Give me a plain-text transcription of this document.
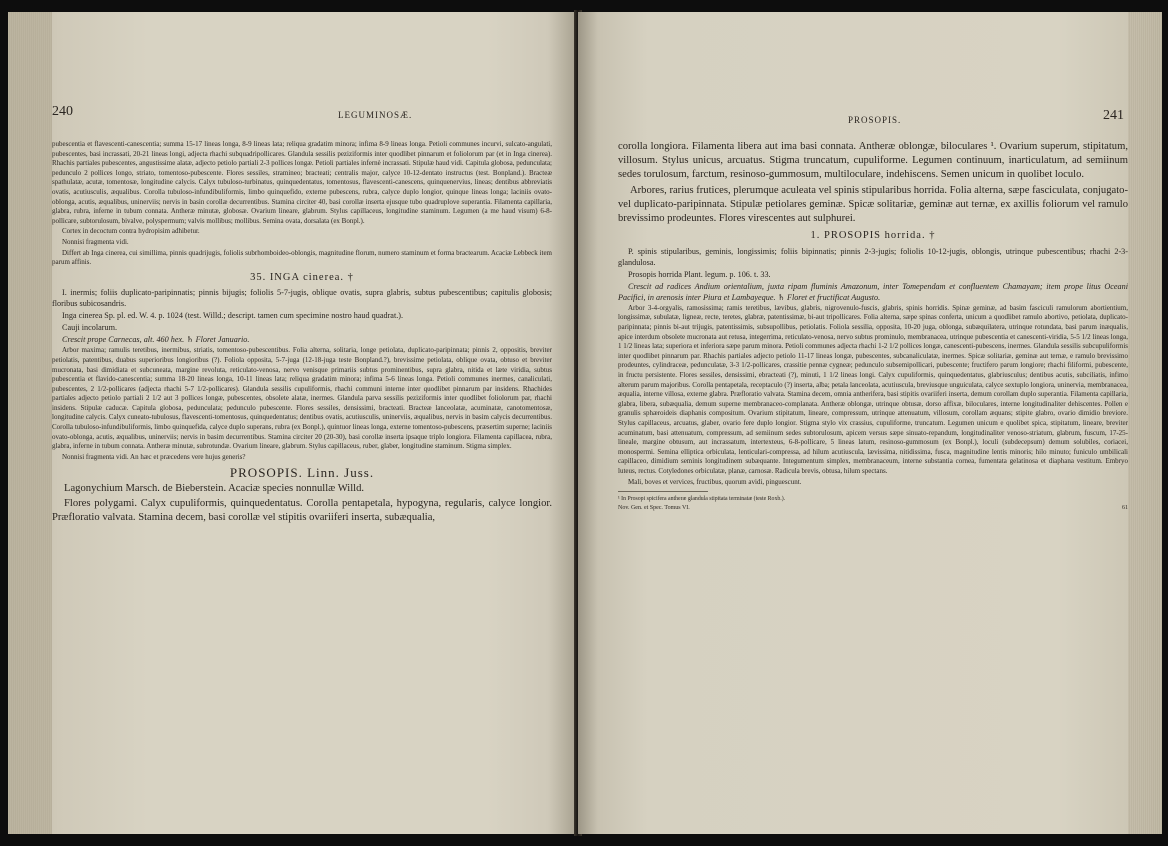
240	LEGUMINOSÆ.

pubescentia et flavescenti-canescentia; summa 15-17 lineas longa, 8-9 lineas lata; reliqua gradatim minora; infima 8-9 lineas longa. Petioli communes incurvi, sulcato-angulati, pubescentes, basi incrassati, 20-21 lineas longi, adjecta rhachi subquadripollicares. Glandula sessilis peziziformis inter quodlibet pinnarum et foliolorum par (et in Inga cinerea). Rhachis partiales pubescentes, angustissime alatæ, adjecto petiolo partiali 2-3 pollices longæ. Petioli partiales infernè incrassati. Stipulæ haud vidi. Capitula globosa, pedunculata; pedunculo 2 pollices longo, striato, tomentoso-pubescente. Flores sessiles, stramineo; bracteati; centralis major, calyce 10-12-dentato instructus (test. Bonpland.). Bracteæ spathulatæ, acutæ, tomentosæ, longitudine calycis. Calyx tubuloso-turbinatus, quinquedentatus, tomentosus, flavescenti-canescens, quinquenervius, lineas; dentibus abbreviatis ovatis, acutiusculis, æqualibus. Corolla tubuloso-infundibuliformis, limbo quinquefido, externe pubescens, rubra, calyce duplo longior, quinque lineas longa; laciniis ovato-oblonga, acutis, æqualibus, uninerviis; nervis in basin corollæ decurrentibus. Stamina circiter 40, basi corollæ inserta ejusque tubo quadruplove superantia. Filamenta capillaria, glabra, rubra, inferne in tubum connata. Antheræ minutæ, globosæ. Ovarium lineare, glabrum. Stylus capillaceus, longitudine staminum. Legumen (a me haud visum) 6-8-pollicare, subtorulosum, bivalve, polyspermum; valvis mollibus; mollibus. Semina ovata, dorsalata (ex Bonpl.).

Cortex in decoctum contra hydropisim adhibetur.

Nonnisi fragmenta vidi.

Differt ab Inga cinerea, cui simillima, pinnis quadrijugis, foliolis subrhomboideo-oblongis, magnitudine florum, numero staminum et forma bractearum. Acaciæ Lebbeck item parum affinis.

35. INGA cinerea. †

I. inermis; foliis duplicato-paripinnatis; pinnis bijugis; foliolis 5-7-jugis, oblique ovatis, supra glabris, subtus pubescentibus; capitulis globosis; floribus subicosandris.

Inga cinerea Sp. pl. ed. W. 4. p. 1024 (test. Willd.; descript. tamen cum specimine nostro haud quadrat.).

Cauji incolarum.

Crescit prope Carnecas, alt. 460 hex. ♄ Floret Januario.

Arbor maxima; ramulis teretibus, inermibus, striatis, tomentoso-pubescentibus. Folia alterna, solitaria, longe petiolata, duplicato-paripinnata; pinnis 2, oppositis, breviter petiolatis, patentibus, duabus superioribus longioribus (?). Foliola opposita, 5-7-juga (12-18-juga teste Bonpland.?), brevissime petiolata, oblique ovata, obtuso et breviter mucronata, basi dimidiata et subcuneata, margine revoluta, reticulato-venosa, nervo venisque primariis subtus prominentibus, supra glabra, nitida et læte viridia, subtus pubescentia et flavido-canescentia; summa 18-20 lineas longa, 10-11 lineas lata; reliqua gradatim minora; infima 5-6 lineas longa. Petioli communes inermes, canaliculati, pubescentes, 2 1/2-pollicares (adjecta rhachi 5-7 1/2-pollicares). Glandula sessilis cupuliformis, rhachi communi interne inter quodlibet pinnarum par insidens. Rhachides partiales adjecto petiolo partiali 2 1/2 aut 3 pollices longæ, pubescentes, obsolete alatæ, inermes. Glandula parva sessilis peziziformis inter quodlibet foliolorum par, rhachi insidens. Stipulæ caducæ. Capitula globosa, pedunculata; pedunculo pubescente. Flores sessiles, densissimi, bracteati. Bracteæ lanceolatæ, acuminatæ, canotomentosæ, longitudine calycis. Calyx cuneato-tubulosus, flavescenti-tomentosus, quinquedentatus; dentibus ovatis, acutiusculis, uninerviis, æqualibus, nervis in basim calycis decurrentibus. Corolla tubuloso-infundibuliformis, limbo quinquefida, calyce duplo superans, rubra (ex Bonpl.), quintuor lineas longa, externe tomentoso-pubescens, præsertim superne; laciniis ovato-oblonga, acutis, æqualibus, uninerviis; nervis in basim decurrentibus. Stamina circiter 20 (20-30), basi corollæ inserta ipsaque triplo longiora. Filamenta capillacea, rubra, glabra, inferne in tubum connata. Antheræ minutæ, subrotundæ. Ovarium lineare, glabrum. Stylus capillaceus, ruber, glaber, longitudine staminum. Stigma simplex.

Nonnisi fragmenta vidi. An hæc et præcedens vere hujus generis?

PROSOPIS. Linn. Juss.

Lagonychium Marsch. de Bieberstein. Acaciæ species nonnullæ Willd.

Flores polygami. Calyx cupuliformis, quinquedentatus. Corolla pentapetala, hypogyna, regularis, calyce longior. Præfloratio valvata. Stamina decem, basi corollæ vel stipitis ovariiferi inserta, subæqualia,

PROSOPIS.	241

corolla longiora. Filamenta libera aut ima basi connata. Antheræ oblongæ, biloculares ¹. Ovarium superum, stipitatum, villosum. Stylus unicus, arcuatus. Stigma truncatum, cupuliforme. Legumen continuum, inarticulatum, ad semiinum sedes torulosum, farctum, resinoso-gummosum, multiloculare, indehiscens. Semen unicum in quolibet loculo.

Arbores, rarius frutices, plerumque aculeata vel spinis stipularibus horrida. Folia alterna, sæpe fasciculata, conjugato-vel duplicato-paripinnata. Stipulæ petiolares geminæ. Spicæ solitariæ, geminæ aut ternæ, ex axillis foliorum vel ramulo brevissimo prodeuntes. Flores virescentes aut sulphurei.

1. PROSOPIS horrida. †

P. spinis stipularibus, geminis, longissimis; foliis bipinnatis; pinnis 2-3-jugis; foliolis 10-12-jugis, oblongis, utrinque pubescentibus; rhachi 2-3-glandulosa.

Prosopis horrida Plant. legum. p. 106. t. 33.

Crescit ad radices Andium orientalium, juxta ripam fluminis Amazonum, inter Tomependam et confluentem Chamayam; item prope litus Oceani Pacifici, in arenosis inter Piura et Lambayeque. ♄ Floret et fructificat Augusto.

Arbor 3-4-orgyalis, ramosissima; ramis teretibus, lævibus, glabris, nigrovenulo-fuscis, glabris, spinis horridis. Spinæ geminæ, ad basim fasciculi ramulorum abortientium, longissimæ, subulatæ, ligneæ, recte, teretes, glabræ, patentissimæ, bi-aut tripollicares. Folia alterna, sæpe spinas conferta, unicum a quodlibet ramulo abortivo, petiolata, duplicato-paripinnata; pinnis bi-aut trijugis, patentissimis, subsupollibus, petiolatis. Foliola sessilia, opposita, 10-20 juga, oblonga, subæquilatera, utrinque rotundata, basi parum inæqualis, apice interdum obsolete mucronata aut retusa, integerrima, reticulato-venosa, nervo subtus prominulo, membranacea, utrinque pubescentia et canescenti-viridia, 5-5 1/2 lineas longa, 1 1/2 lineas lata; superiora et inferiora sæpe parum minora. Petioli communes adjecta rhachi 1-2 1/2 pollices longæ, canescenti-pubescens, inermes. Glandula sessilis subcupuliformis inter quodlibet pinnarum par. Rhachis partiales adjecto petiolo 11-17 lineas longæ, pubescentes, subcanaliculatæ, inermes. Spicæ solitariæ, geminæ aut ternæ, e ramulo brevissimo prodeuntes, cylindraceæ, pedunculatæ, 3-3 1/2-pollicares, crassitie pennæ cygneæ; pedunculo subsemipollicari, pubescente; fructifero parum longiore; rhachi filiformi, pubescente, in fructu persistente. Flores sessiles, densissimi, ebracteati (?), minuti, 1 1/2 lineas longi. Calyx cupuliformis, quinquedentatus, glabriusculus; dentibus acutis, subciliatis, infimo alterum parum majoribus. Corolla pentapetala, receptaculo (?) inserta, alba; petala lanceolata, acutiuscula, breviusque unguiculata, calyce sextuplo longiora, uninervia, membranacea, æqualia, interne villosa, externe glabra. Præfloratio valvata. Stamina decem, omnia antherifera, basi stipitis ovariiferi inserta, demum corollam duplo superantia. Filamenta capillaria, glabra, libera, subæqualia, demum superne membranaceo-complanata. Antheræ oblongæ, utrinque obtusæ, dorso affixæ, biloculares, interne longitudinaliter dehiscentes. Pollen e granulis sphæroideis diaphanis compositum. Ovarium stipitatum, lineare, compressum, utrinque attenuatum, villosum, corollam æquans; stipite glabro, ovario dimidio breviore. Stylus capillaceus, arcuatus, glaber, ovario fere duplo longior. Stigma stylo vix crassius, cupuliforme, truncatum. Legumen unicum e quolibet spica, stipitatum, lineare, breviter acuminatum, basi attenuatum, compressum, ad semiinum sedes subtorulosum, apicem versus sæpe sinuato-repandum, longitudinaliter venoso-striatum, glabrum, fuscum, 17-25-lineale, margine obtusum, aut incrassatum, intertexteus, 6-8-pollicare, 5 lineas latum, resinoso-gummosum (ex Bonpl.), loculi (subdecepsum) demum solubiles, coriacei, monospermi. Semina elliptica orbiculata, lenticulari-compressa, ad hilum acutiuscula, lævissima, nitidissima, fusca, magnitudine lentis minoris; hilo minuto; funiculo umbilicali capillaceo, dimidium seminis longitudinem subæquante. Integumentum simplex, membranaceum, interne substantia cornea, fumentata gelatinosa et diaphana vestitum. Embryo luteus, rectus. Cotyledones orbiculatæ, planæ, carnosæ. Radicula brevis, obtusa, hilum spectans.

Mali, boves et vervices, fructibus, quorum avidi, pinguescunt.

¹ In Prosopi spicifera antheræ glandula stipitata terminatæ (teste Roxb.).

Nov. Gen. et Spec. Tomus VI.	61
